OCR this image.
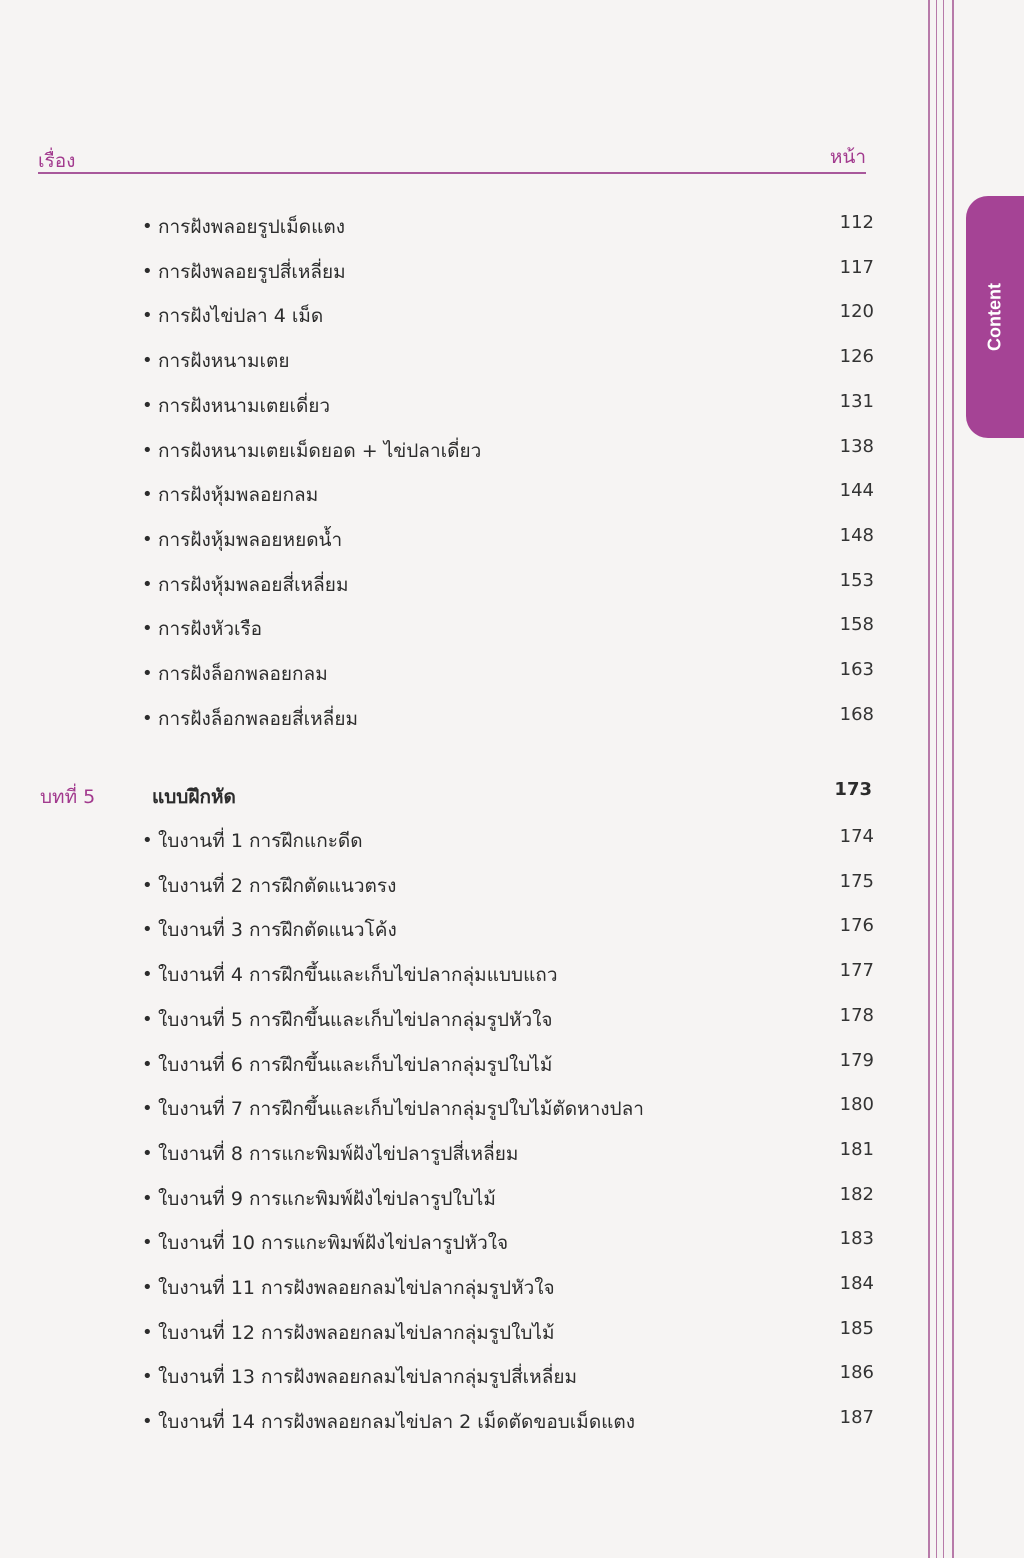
Content
เรื่อง	หน้า
• การฝังพลอยรูปเม็ดแตง	112
• การฝังพลอยรูปสี่เหลี่ยม	117
• การฝังไข่ปลา 4 เม็ด	120
• การฝังหนามเตย	126
• การฝังหนามเตยเดี่ยว	131
• การฝังหนามเตยเม็ดยอด + ไข่ปลาเดี่ยว	138
• การฝังหุ้มพลอยกลม	144
• การฝังหุ้มพลอยหยดน้ำ	148
• การฝังหุ้มพลอยสี่เหลี่ยม	153
• การฝังหัวเรือ	158
• การฝังล็อกพลอยกลม	163
• การฝังล็อกพลอยสี่เหลี่ยม	168
บทที่ 5	แบบฝึกหัด	173
• ใบงานที่ 1 การฝึกแกะดีด	174
• ใบงานที่ 2 การฝึกตัดแนวตรง	175
• ใบงานที่ 3 การฝึกตัดแนวโค้ง	176
• ใบงานที่ 4 การฝึกขึ้นและเก็บไข่ปลากลุ่มแบบแถว	177
• ใบงานที่ 5 การฝึกขึ้นและเก็บไข่ปลากลุ่มรูปหัวใจ	178
• ใบงานที่ 6 การฝึกขึ้นและเก็บไข่ปลากลุ่มรูปใบไม้	179
• ใบงานที่ 7 การฝึกขึ้นและเก็บไข่ปลากลุ่มรูปใบไม้ตัดหางปลา	180
• ใบงานที่ 8 การแกะพิมพ์ฝังไข่ปลารูปสี่เหลี่ยม	181
• ใบงานที่ 9 การแกะพิมพ์ฝังไข่ปลารูปใบไม้	182
• ใบงานที่ 10 การแกะพิมพ์ฝังไข่ปลารูปหัวใจ	183
• ใบงานที่ 11 การฝังพลอยกลมไข่ปลากลุ่มรูปหัวใจ	184
• ใบงานที่ 12 การฝังพลอยกลมไข่ปลากลุ่มรูปใบไม้	185
• ใบงานที่ 13 การฝังพลอยกลมไข่ปลากลุ่มรูปสี่เหลี่ยม	186
• ใบงานที่ 14 การฝังพลอยกลมไข่ปลา 2 เม็ดตัดขอบเม็ดแตง	187
